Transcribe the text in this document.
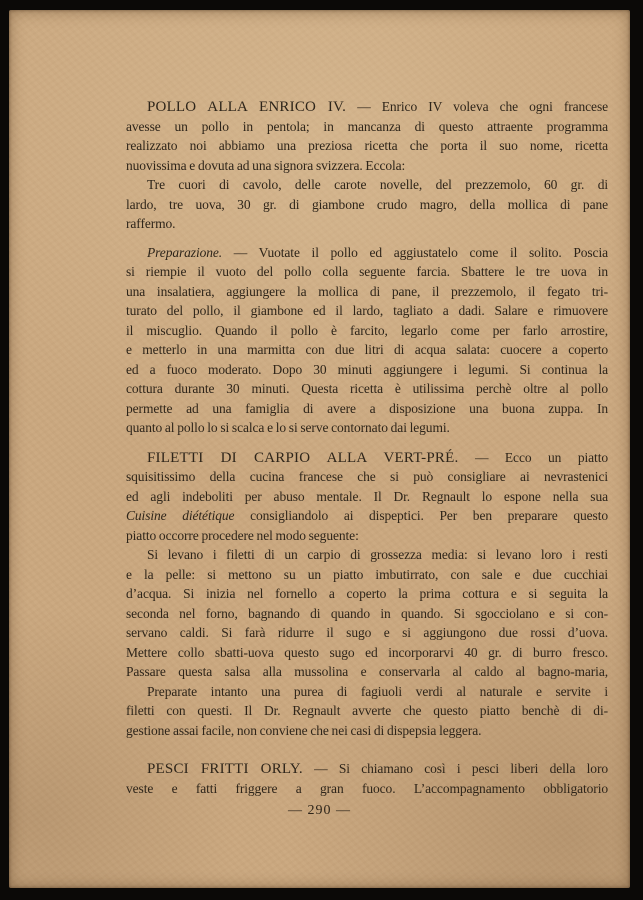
POLLO ALLA ENRICO IV. — Enrico IV voleva che ogni francese
avesse un pollo in pentola; in mancanza di questo attraente programma
realizzato noi abbiamo una preziosa ricetta che porta il suo nome, ricetta
nuovissima e dovuta ad una signora svizzera. Eccola:
Tre cuori di cavolo, delle carote novelle, del prezzemolo, 60 gr. di
lardo, tre uova, 30 gr. di giambone crudo magro, della mollica di pane
raffermo.
Preparazione. — Vuotate il pollo ed aggiustatelo come il solito. Poscia
si riempie il vuoto del pollo colla seguente farcia. Sbattere le tre uova in
una insalatiera, aggiungere la mollica di pane, il prezzemolo, il fegato tri-
turato del pollo, il giambone ed il lardo, tagliato a dadi. Salare e rimuovere
il miscuglio. Quando il pollo è farcito, legarlo come per farlo arrostire,
e metterlo in una marmitta con due litri di acqua salata: cuocere a coperto
ed a fuoco moderato. Dopo 30 minuti aggiungere i legumi. Si continua la
cottura durante 30 minuti. Questa ricetta è utilissima perchè oltre al pollo
permette ad una famiglia di avere a disposizione una buona zuppa. In
quanto al pollo lo si scalca e lo si serve contornato dai legumi.
FILETTI DI CARPIO ALLA VERT-PRÉ. — Ecco un piatto
squisitissimo della cucina francese che si può consigliare ai nevrastenici
ed agli indeboliti per abuso mentale. Il Dr. Regnault lo espone nella sua
Cuisine diététique consigliandolo ai dispeptici. Per ben preparare questo
piatto occorre procedere nel modo seguente:
Si levano i filetti di un carpio di grossezza media: si levano loro i resti
e la pelle: si mettono su un piatto imbutirrato, con sale e due cucchiai
d’acqua. Si inizia nel fornello a coperto la prima cottura e si seguita la
seconda nel forno, bagnando di quando in quando. Si sgocciolano e si con-
servano caldi. Si farà ridurre il sugo e si aggiungono due rossi d’uova.
Mettere collo sbatti-uova questo sugo ed incorporarvi 40 gr. di burro fresco.
Passare questa salsa alla mussolina e conservarla al caldo al bagno-maria,
Preparate intanto una purea di fagiuoli verdi al naturale e servite i
filetti con questi. Il Dr. Regnault avverte che questo piatto benchè di di-
gestione assai facile, non conviene che nei casi di dispepsia leggera.
PESCI FRITTI ORLY. — Si chiamano così i pesci liberi della loro
veste e fatti friggere a gran fuoco. L’accompagnamento obbligatorio
— 290 —
